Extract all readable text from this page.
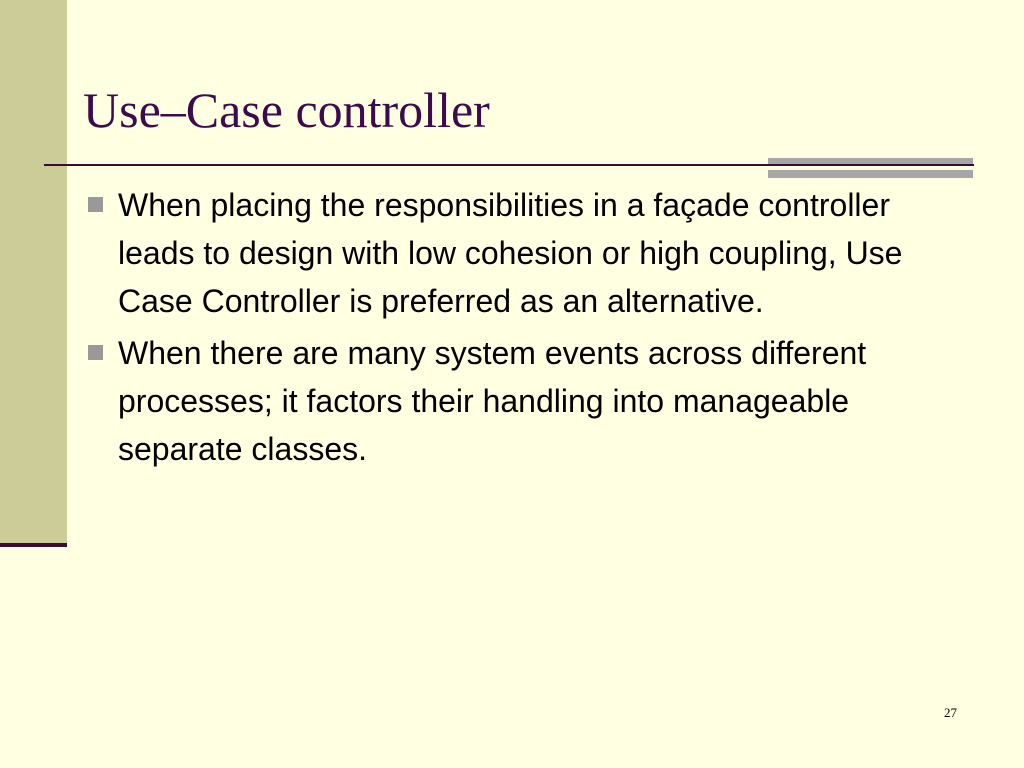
Use–Case controller
When placing the responsibilities in a façade controller leads to design with low cohesion or high coupling, Use Case Controller is preferred as an alternative.
When there are many system events across different processes; it factors their handling into manageable separate classes.
27
